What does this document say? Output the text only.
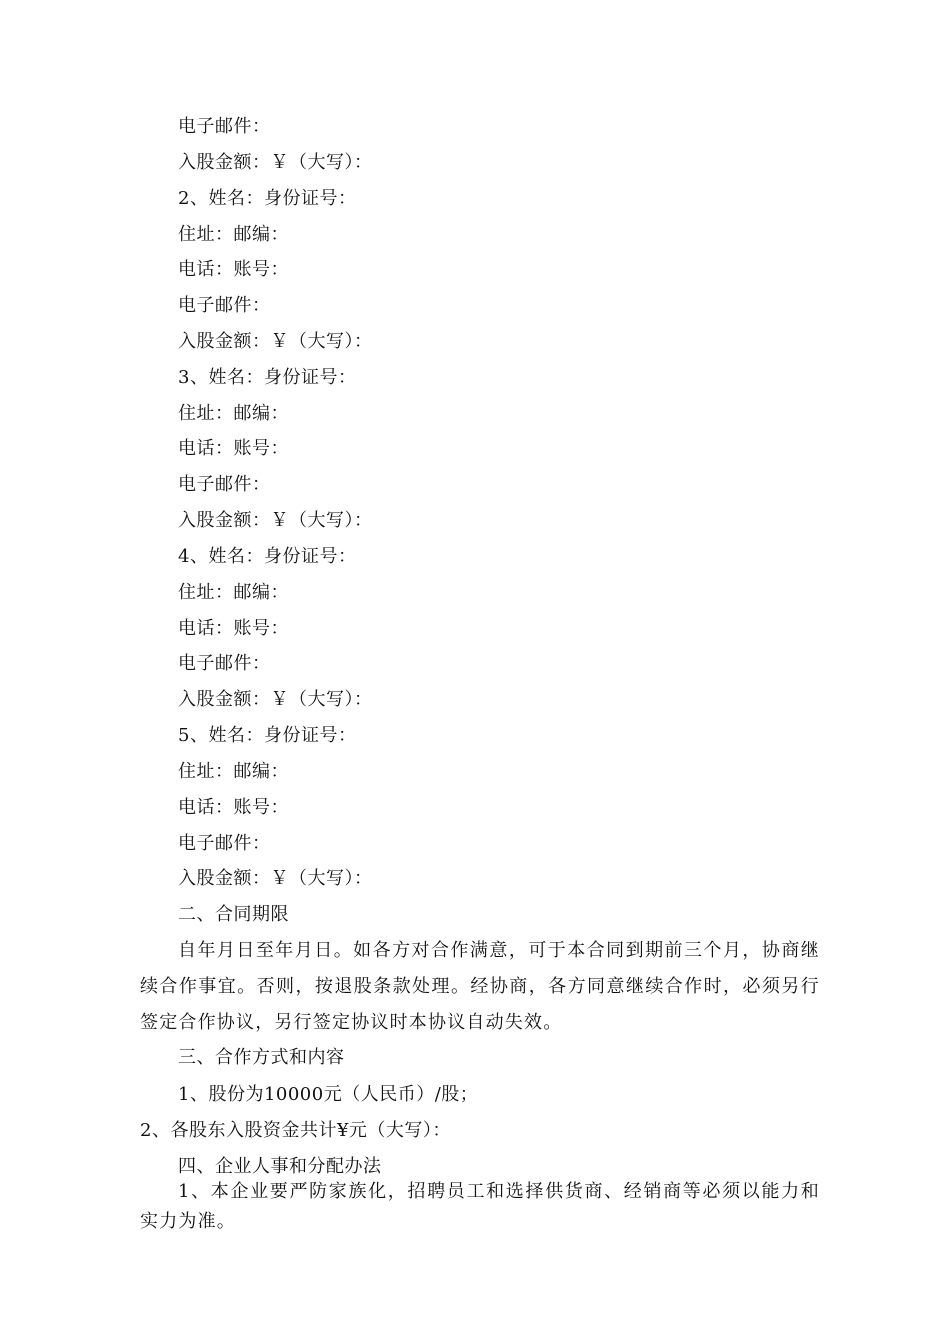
电子邮件：
入股金额：￥（大写）：
2、姓名：身份证号：
住址：邮编：
电话：账号：
电子邮件：
入股金额：￥（大写）：
3、姓名：身份证号：
住址：邮编：
电话：账号：
电子邮件：
入股金额：￥（大写）：
4、姓名：身份证号：
住址：邮编：
电话：账号：
电子邮件：
入股金额：￥（大写）：
5、姓名：身份证号：
住址：邮编：
电话：账号：
电子邮件：
入股金额：￥（大写）：
二、合同期限
自年月日至年月日。如各方对合作满意，可于本合同到期前三个月，协商继续合作事宜。否则，按退股条款处理。经协商，各方同意继续合作时，必须另行签定合作协议，另行签定协议时本协议自动失效。
三、合作方式和内容
1、股份为10000元（人民币）/股；
2、各股东入股资金共计¥元（大写）：
四、企业人事和分配办法
1、本企业要严防家族化，招聘员工和选择供货商、经销商等必须以能力和实力为准。
